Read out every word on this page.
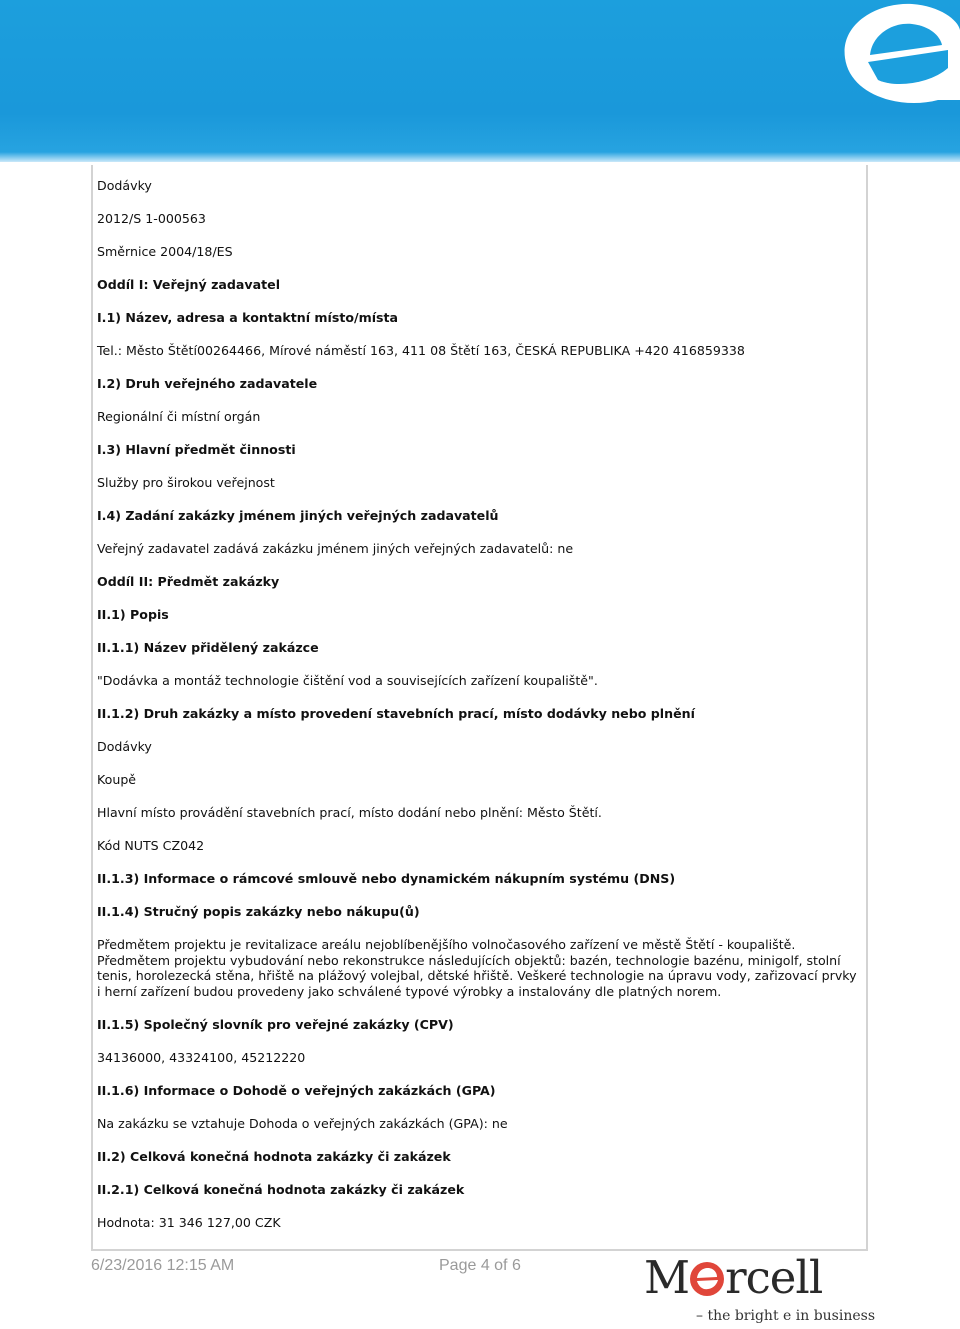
Dodávky

2012/S 1-000563

Směrnice 2004/18/ES

Oddíl I: Veřejný zadavatel

I.1) Název, adresa a kontaktní místo/místa

Tel.: Město Štětí00264466, Mírové náměstí 163, 411 08 Štětí 163, ČESKÁ REPUBLIKA +420 416859338

I.2) Druh veřejného zadavatele

Regionální či místní orgán

I.3) Hlavní předmět činnosti

Služby pro širokou veřejnost

I.4) Zadání zakázky jménem jiných veřejných zadavatelů

Veřejný zadavatel zadává zakázku jménem jiných veřejných zadavatelů: ne

Oddíl II: Předmět zakázky

II.1) Popis

II.1.1) Název přidělený zakázce

"Dodávka a montáž technologie čištění vod a souvisejících zařízení koupaliště".

II.1.2) Druh zakázky a místo provedení stavebních prací, místo dodávky nebo plnění

Dodávky

Koupě

Hlavní místo provádění stavebních prací, místo dodání nebo plnění: Město Štětí.

Kód NUTS CZ042

II.1.3) Informace o rámcové smlouvě nebo dynamickém nákupním systému (DNS)

II.1.4) Stručný popis zakázky nebo nákupu(ů)

Předmětem projektu je revitalizace areálu nejoblíbenějšího volnočasového zařízení ve městě Štětí - koupaliště. Předmětem projektu vybudování nebo rekonstrukce následujících objektů: bazén, technologie bazénu, minigolf, stolní tenis, horolezecká stěna, hřiště na plážový volejbal, dětské hřiště. Veškeré technologie na úpravu vody, zařizovací prvky i herní zařízení budou provedeny jako schválené typové výrobky a instalovány dle platných norem.

II.1.5) Společný slovník pro veřejné zakázky (CPV)

34136000, 43324100, 45212220

II.1.6) Informace o Dohodě o veřejných zakázkách (GPA)

Na zakázku se vztahuje Dohoda o veřejných zakázkách (GPA): ne

II.2) Celková konečná hodnota zakázky či zakázek

II.2.1) Celková konečná hodnota zakázky či zakázek

Hodnota: 31 346 127,00 CZK

6/23/2016 12:15 AM	Page 4 of 6	M rcell
– the bright e in business
